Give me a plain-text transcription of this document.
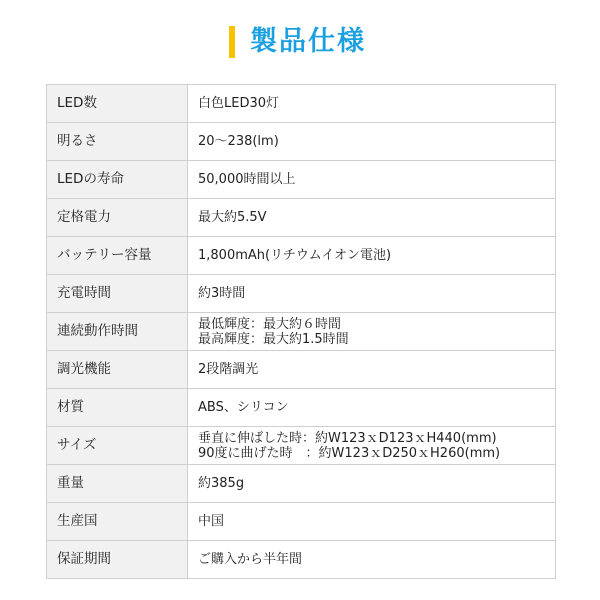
製品仕様
LED数	白色LED30灯

明るさ	20〜238(lm)

LEDの寿命	50,000時間以上

定格電力	最大約5.5V

バッテリー容量	1,800mAh(リチウムイオン電池)

充電時間	約3時間

連続動作時間	最低輝度：最大約６時間
最高輝度：最大約1.5時間

調光機能	2段階調光

材質	ABS、シリコン

サイズ	垂直に伸ばした時：約W123ｘD123ｘH440(mm)
90度に曲げた時　：約W123ｘD250ｘH260(mm)

重量	約385g

生産国	中国

保証期間	ご購入から半年間
